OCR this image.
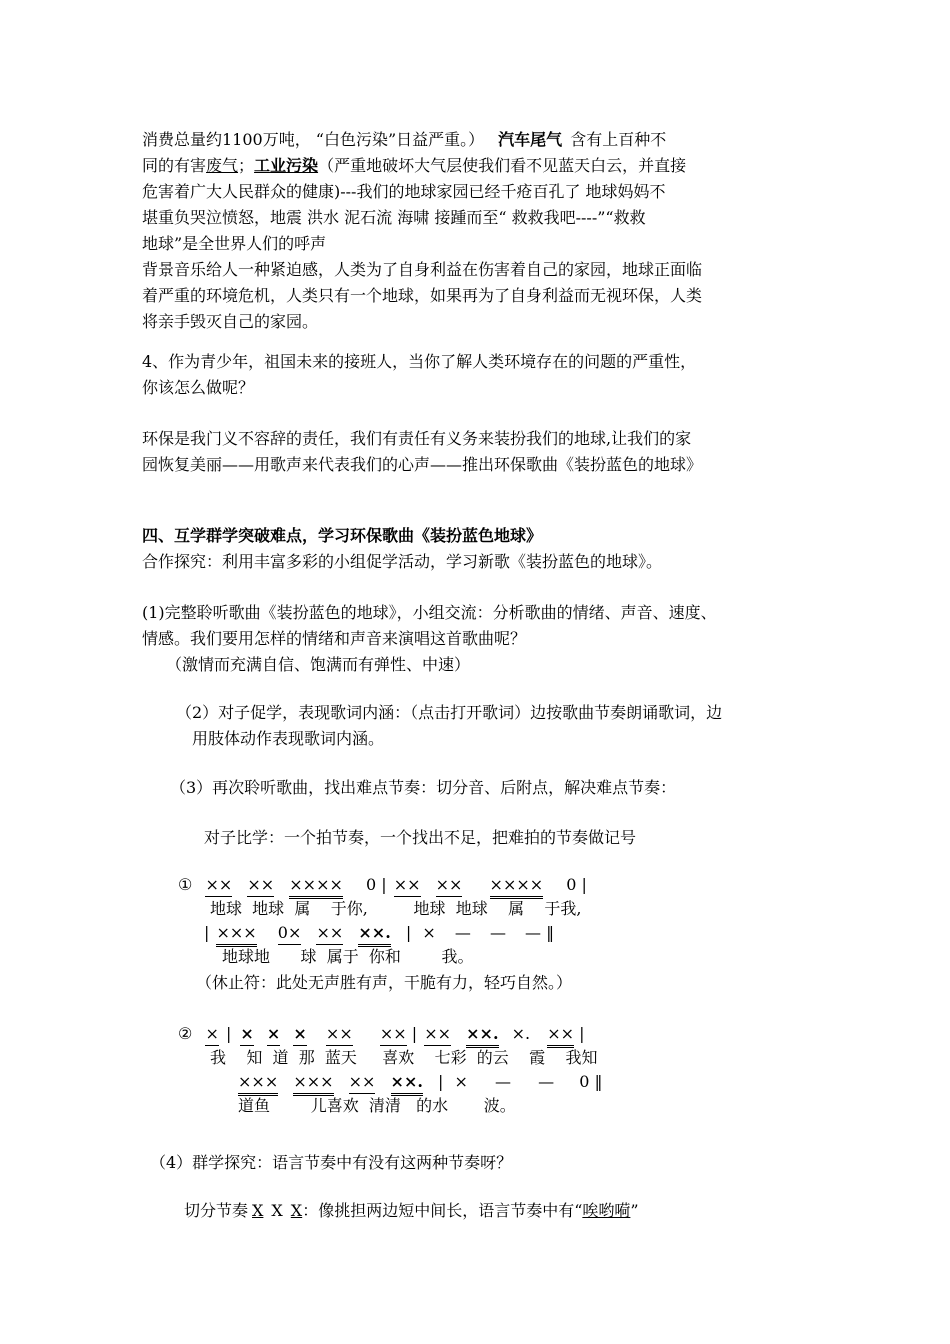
消费总量约1100万吨， “白色污染”日益严重。） 汽车尾气 含有上百种不
同的有害废气；工业污染（严重地破坏大气层使我们看不见蓝天白云，并直接
危害着广大人民群众的健康)---我们的地球家园已经千疮百孔了 地球妈妈不
堪重负哭泣愤怒，地震 洪水 泥石流 海啸 接踵而至“ 救救我吧----”“救救
地球”是全世界人们的呼声
背景音乐给人一种紧迫感，人类为了自身利益在伤害着自己的家园，地球正面临
着严重的环境危机，人类只有一个地球，如果再为了自身利益而无视环保，人类
将亲手毁灭自己的家园。
4、作为青少年，祖国未来的接班人，当你了解人类环境存在的问题的严重性，
你该怎么做呢？
环保是我门义不容辞的责任，我们有责任有义务来装扮我们的地球,让我们的家
园恢复美丽——用歌声来代表我们的心声——推出环保歌曲《装扮蓝色的地球》
四、互学群学突破难点，学习环保歌曲《装扮蓝色地球》
合作探究：利用丰富多彩的小组促学活动，学习新歌《装扮蓝色的地球》。
(1)完整聆听歌曲《装扮蓝色的地球》，小组交流：分析歌曲的情绪、声音、速度、
情感。我们要用怎样的情绪和声音来演唱这首歌曲呢？
（激情而充满自信、饱满而有弹性、中速）
（2）对子促学，表现歌词内涵：（点击打开歌词）边按歌曲节奏朗诵歌词，边
用肢体动作表现歌词内涵。
（3）再次聆听歌曲，找出难点节奏：切分音、后附点，解决难点节奏：
对子比学：一个拍节奏，一个找出不足，把难拍的节奏做记号
① ×× ×× ×××× 0 | ×× ×× ×××× 0 |
地球  地球  属    于你,         地球  地球    属    于我,
| ××× 0× ×× ××. | × — — — ‖
地球地      球  属于  你和        我。
（休止符：此处无声胜有声，干脆有力，轻巧自然。）
② × | × × × ×× ×× | ×× ××. ×. ×× |
我    知  道  那  蓝天     喜欢    七彩  的云    霞    我知
××× ××× ×× ××. | × — — 0 ‖
道鱼        儿喜欢  清清   的水       波。
（4）群学探究：语言节奏中有没有这两种节奏呀？
切分节奏 X X X：像挑担两边短中间长，语言节奏中有“唉哟嗬”
